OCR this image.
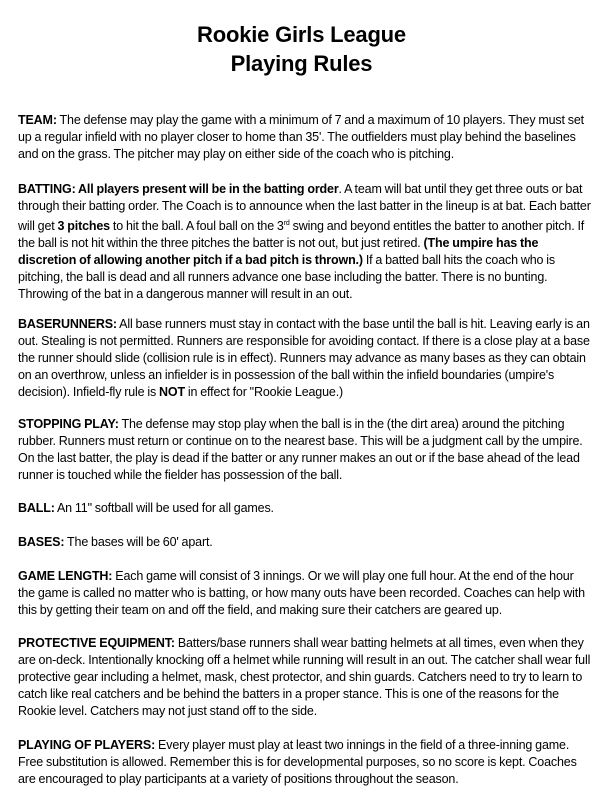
Rookie Girls League
Playing Rules

TEAM: The defense may play the game with a minimum of 7 and a maximum of 10 players. They must set up a regular infield with no player closer to home than 35'. The outfielders must play behind the baselines and on the grass. The pitcher may play on either side of the coach who is pitching.

BATTING: All players present will be in the batting order. A team will bat until they get three outs or bat through their batting order. The Coach is to announce when the last batter in the lineup is at bat. Each batter will get 3 pitches to hit the ball. A foul ball on the 3rd swing and beyond entitles the batter to another pitch. If the ball is not hit within the three pitches the batter is not out, but just retired. (The umpire has the discretion of allowing another pitch if a bad pitch is thrown.) If a batted ball hits the coach who is pitching, the ball is dead and all runners advance one base including the batter. There is no bunting. Throwing of the bat in a dangerous manner will result in an out.

BASERUNNERS: All base runners must stay in contact with the base until the ball is hit. Leaving early is an out. Stealing is not permitted. Runners are responsible for avoiding contact. If there is a close play at a base the runner should slide (collision rule is in effect). Runners may advance as many bases as they can obtain on an overthrow, unless an infielder is in possession of the ball within the infield boundaries (umpire's decision). Infield-fly rule is NOT in effect for "Rookie League.)

STOPPING PLAY: The defense may stop play when the ball is in the (the dirt area) around the pitching rubber. Runners must return or continue on to the nearest base. This will be a judgment call by the umpire. On the last batter, the play is dead if the batter or any runner makes an out or if the base ahead of the lead runner is touched while the fielder has possession of the ball.

BALL: An 11" softball will be used for all games.

BASES: The bases will be 60' apart.

GAME LENGTH: Each game will consist of 3 innings. Or we will play one full hour. At the end of the hour the game is called no matter who is batting, or how many outs have been recorded. Coaches can help with this by getting their team on and off the field, and making sure their catchers are geared up.

PROTECTIVE EQUIPMENT: Batters/base runners shall wear batting helmets at all times, even when they are on-deck. Intentionally knocking off a helmet while running will result in an out. The catcher shall wear full protective gear including a helmet, mask, chest protector, and shin guards. Catchers need to try to learn to catch like real catchers and be behind the batters in a proper stance. This is one of the reasons for the Rookie level. Catchers may not just stand off to the side.

PLAYING OF PLAYERS: Every player must play at least two innings in the field of a three-inning game. Free substitution is allowed. Remember this is for developmental purposes, so no score is kept. Coaches are encouraged to play participants at a variety of positions throughout the season.
